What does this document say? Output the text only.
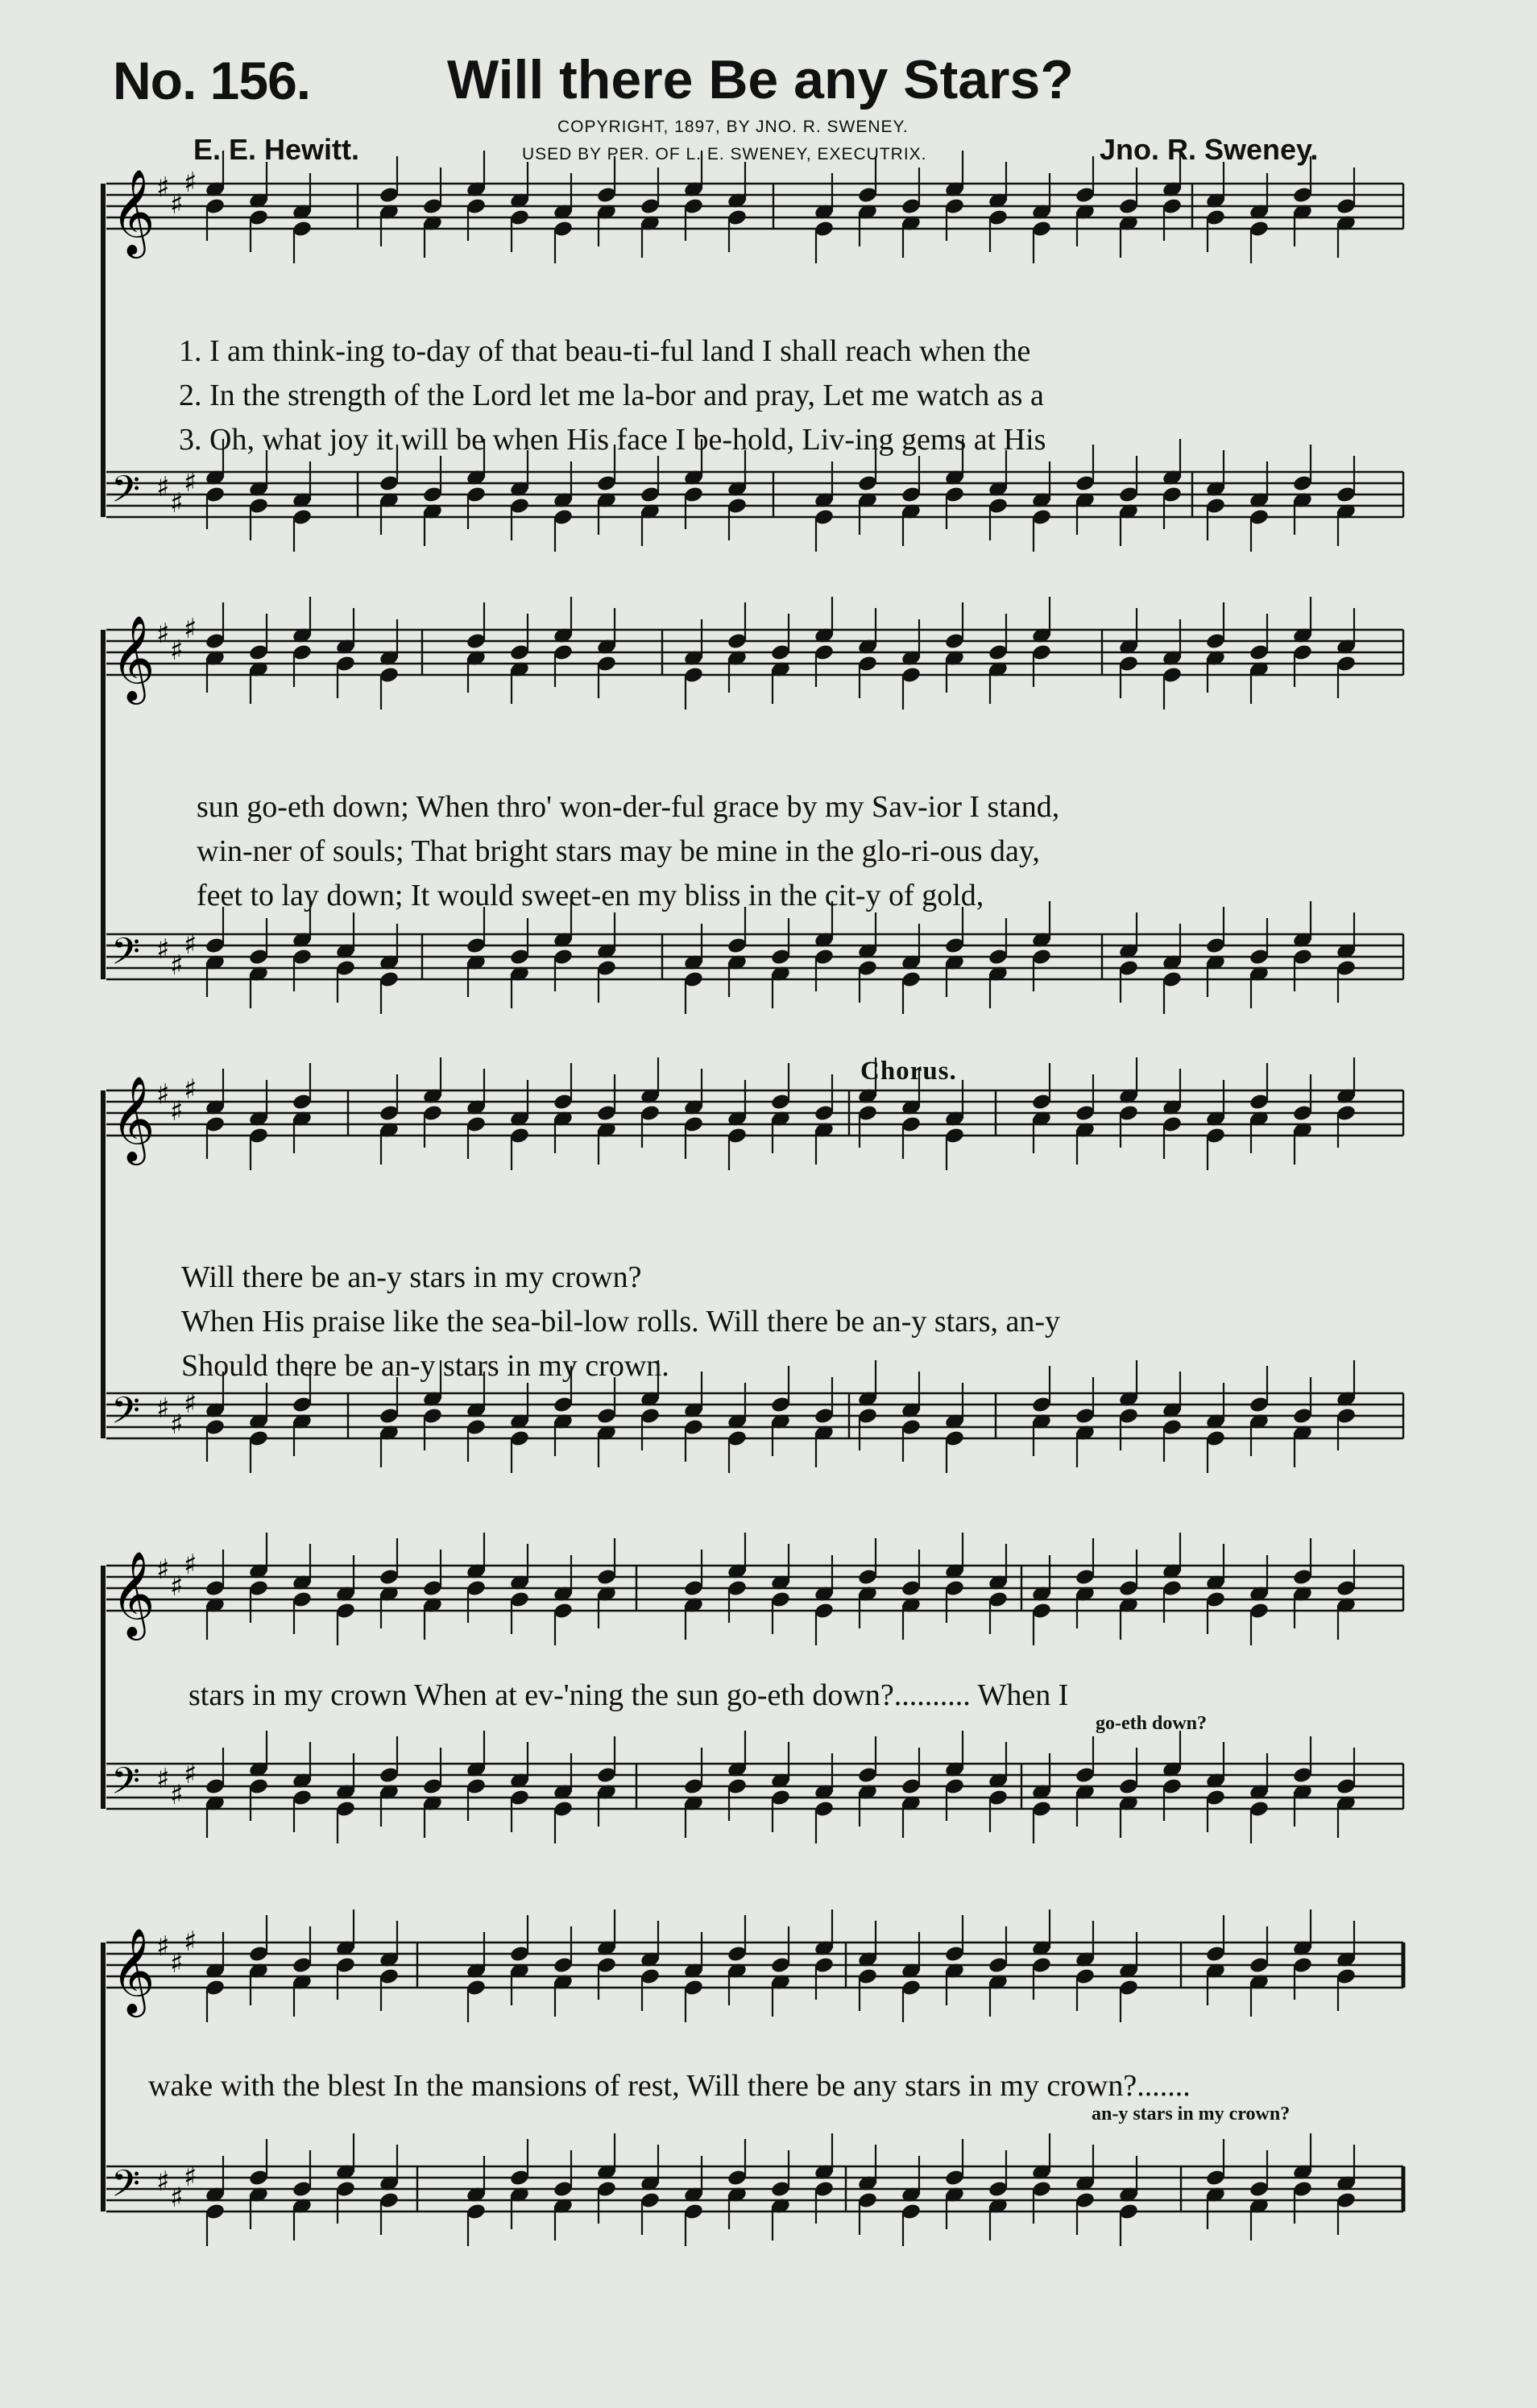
No. 156. Will there Be any Stars?
COPYRIGHT, 1897, BY JNO. R. SWENEY.
USED BY PER. OF L. E. SWENEY, EXECUTRIX.
E. E. Hewitt.	Jno. R. Sweney.
𝄞 ♯
♯
♯
𝄢 ♯ ♯
♯
𝄞 ♯
♯
♯
𝄢 ♯ ♯
♯
𝄞 ♯
♯
♯
𝄢 ♯ ♯
♯
𝄞 ♯
♯
♯
𝄢 ♯ ♯
♯
𝄞 ♯
♯
♯
𝄢 ♯ ♯
♯
1. I am think-ing to-day of that beau-ti-ful land I shall reach when the
2. In the strength of the Lord let me la-bor and pray, Let me watch as a
3. Oh, what joy it will be when His face I be-hold, Liv-ing gems at His
sun go-eth down; When thro' won-der-ful grace by my Sav-ior I stand,
win-ner of souls; That bright stars may be mine in the glo-ri-ous day,
feet to lay down; It would sweet-en my bliss in the cit-y of gold,
Chorus.
Will there be an-y stars in my crown?
When His praise like the sea-bil-low rolls. Will there be an-y stars, an-y
Should there be an-y stars in my crown.
stars in my crown When at ev-'ning the sun go-eth down?.......... When I
go-eth down?
wake with the blest In the mansions of rest, Will there be any stars in my crown?.......
an-y stars in my crown?
